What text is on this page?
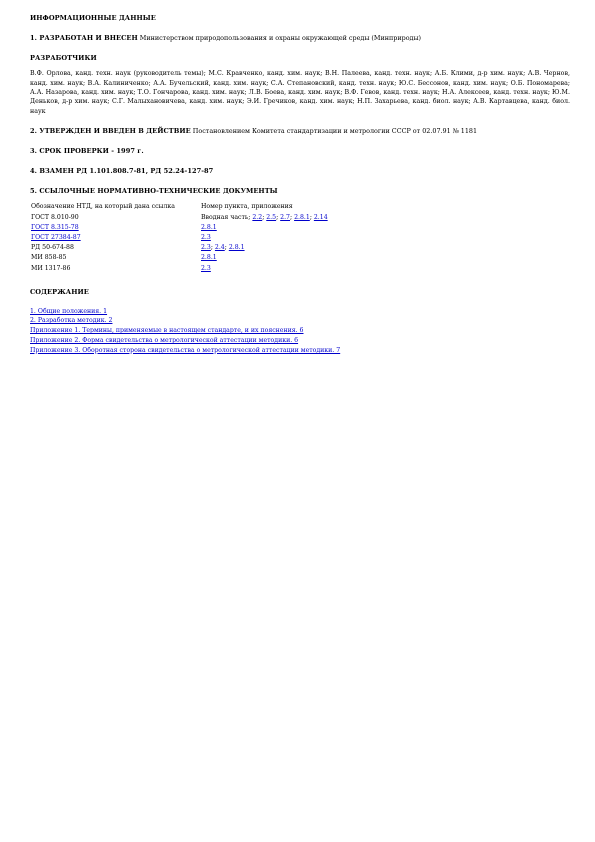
ИНФОРМАЦИОННЫЕ ДАННЫЕ
1. РАЗРАБОТАН И ВНЕСЕН Министерством природопользования и охраны окружающей среды (Минприроды)
РАЗРАБОТЧИКИ
В.Ф. Орлова, канд. техн. наук (руководитель темы); М.С. Кравченко, канд. хим. наук; В.Н. Палеева, канд. техн. наук; А.Б. Клими, д-р хим. наук; А.В. Чернов, канд. хим. наук; В.А. Калиниченко; А.А. Бучельский, канд. хим. наук; С.А. Степановский, канд. техн. наук; Ю.С. Бессонов, канд. хим. наук; О.Б. Пономарева; А.А. Назарова, канд. хим. наук; Т.О. Гончарова, канд. хим. наук; Л.В. Боева, канд. хим. наук; В.Ф. Гевов, канд. техн. наук; Н.А. Алексеев, канд. техн. наук; Ю.М. Деньков, д-р хим. наук; С.Г. Малыхановичева, канд. хим. наук; Э.И. Гречиков, канд. хим. наук; Н.П. Захарьева, канд. биол. наук; А.В. Картавцева, канд. биол. наук
2. УТВЕРЖДЕН И ВВЕДЕН В ДЕЙСТВИЕ Постановлением Комитета стандартизации и метрологии СССР от 02.07.91 № 1181
3. СРОК ПРОВЕРКИ - 1997 г.
4. ВЗАМЕН РД 1.101.808.7-81, РД 52.24-127-87
5. ССЫЛОЧНЫЕ НОРМАТИВНО-ТЕХНИЧЕСКИЕ ДОКУМЕНТЫ
Обозначение НТД, на который дана ссылка	Номер пункта, приложения
ГОСТ 8.010-90	Вводная часть; 2.2; 2.5; 2.7; 2.8.1; 2.14
ГОСТ 8.315-78	2.8.1
ГОСТ 27384-87	2.3
РД 50-674-88	2.3; 2.4; 2.8.1
МИ 858-85	2.8.1
МИ 1317-86	2.3
СОДЕРЖАНИЕ
1. Общие положения. 1
2. Разработка методик. 2
Приложение 1. Термины, применяемые в настоящем стандарте, и их пояснения. 6
Приложение 2. Форма свидетельства о метрологической аттестации методики. 6
Приложение 3. Оборотная сторона свидетельства о метрологической аттестации методики. 7
